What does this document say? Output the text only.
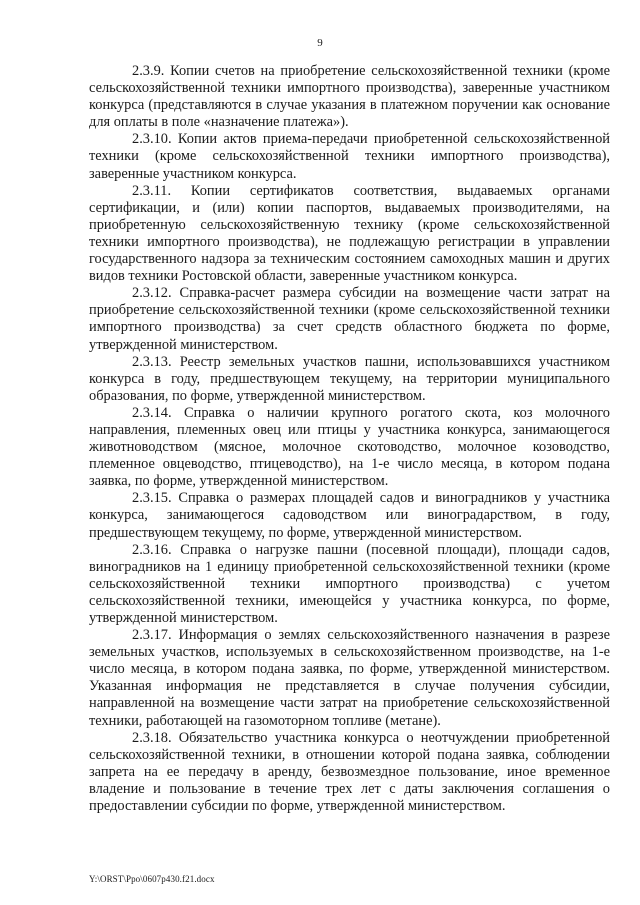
9

2.3.9. Копии счетов на приобретение сельскохозяйственной техники (кроме сельскохозяйственной техники импортного производства), заверенные участником конкурса (представляются в случае указания в платежном поручении как основание для оплаты в поле «назначение платежа»).

2.3.10. Копии актов приема-передачи приобретенной сельскохозяйственной техники (кроме сельскохозяйственной техники импортного производства), заверенные участником конкурса.

2.3.11. Копии сертификатов соответствия, выдаваемых органами сертификации, и (или) копии паспортов, выдаваемых производителями, на приобретенную сельскохозяйственную технику (кроме сельскохозяйственной техники импортного производства), не подлежащую регистрации в управлении государственного надзора за техническим состоянием самоходных машин и других видов техники Ростовской области, заверенные участником конкурса.

2.3.12. Справка-расчет размера субсидии на возмещение части затрат на приобретение сельскохозяйственной техники (кроме сельскохозяйственной техники импортного производства) за счет средств областного бюджета по форме, утвержденной министерством.

2.3.13. Реестр земельных участков пашни, использовавшихся участником конкурса в году, предшествующем текущему, на территории муниципального образования, по форме, утвержденной министерством.

2.3.14. Справка о наличии крупного рогатого скота, коз молочного направления, племенных овец или птицы у участника конкурса, занимающегося животноводством (мясное, молочное скотоводство, молочное козоводство, племенное овцеводство, птицеводство), на 1-е число месяца, в котором подана заявка, по форме, утвержденной министерством.

2.3.15. Справка о размерах площадей садов и виноградников у участника конкурса, занимающегося садоводством или виноградарством, в году, предшествующем текущему, по форме, утвержденной министерством.

2.3.16. Справка о нагрузке пашни (посевной площади), площади садов, виноградников на 1 единицу приобретенной сельскохозяйственной техники (кроме сельскохозяйственной техники импортного производства) с учетом сельскохозяйственной техники, имеющейся у участника конкурса, по форме, утвержденной министерством.

2.3.17. Информация о землях сельскохозяйственного назначения в разрезе земельных участков, используемых в сельскохозяйственном производстве, на 1-е число месяца, в котором подана заявка, по форме, утвержденной министерством. Указанная информация не представляется в случае получения субсидии, направленной на возмещение части затрат на приобретение сельскохозяйственной техники, работающей на газомоторном топливе (метане).

2.3.18. Обязательство участника конкурса о неотчуждении приобретенной сельскохозяйственной техники, в отношении которой подана заявка, соблюдении запрета на ее передачу в аренду, безвозмездное пользование, иное временное владение и пользование в течение трех лет с даты заключения соглашения о предоставлении субсидии по форме, утвержденной министерством.

Y:\ORST\Ppo\0607p430.f21.docx
